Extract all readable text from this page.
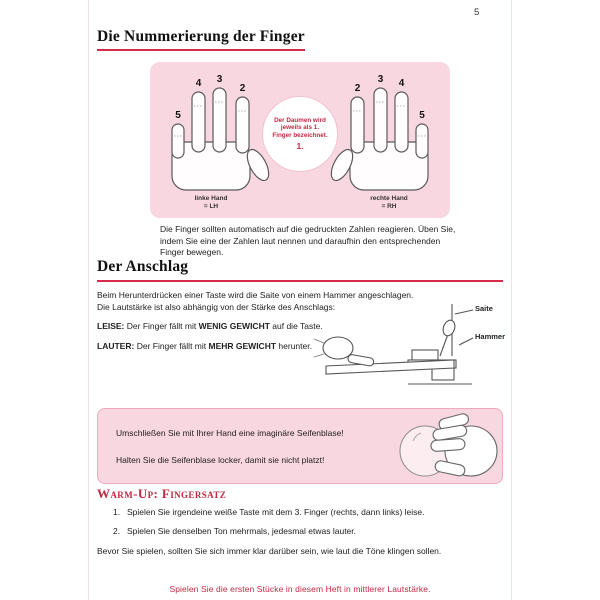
5
Die Nummerierung der Finger
5
4 3
2	2
3 4
5
Der Daumen wird jeweils als 1. Finger bezeichnet.
1.
linke Hand
= LH
rechte Hand
= RH

Die Finger sollten automatisch auf die gedruckten Zahlen reagieren. Üben Sie, indem Sie eine der Zahlen laut nennen und daraufhin den entsprechenden Finger bewegen.

Der Anschlag
Beim Herunterdrücken einer Taste wird die Saite von einem Hammer angeschlagen.
Die Lautstärke ist also abhängig von der Stärke des Anschlags:
LEISE: Der Finger fällt mit WENIG GEWICHT auf die Taste.
LAUTER: Der Finger fällt mit MEHR GEWICHT herunter.
Saite
Hammer
Umschließen Sie mit Ihrer Hand eine imaginäre Seifenblase!
Halten Sie die Seifenblase locker, damit sie nicht platzt!
Warm-Up: Fingersatz
1. Spielen Sie irgendeine weiße Taste mit dem 3. Finger (rechts, dann links) leise.
2. Spielen Sie denselben Ton mehrmals, jedesmal etwas lauter.
Bevor Sie spielen, sollten Sie sich immer klar darüber sein, wie laut die Töne klingen sollen.
Spielen Sie die ersten Stücke in diesem Heft in mittlerer Lautstärke.
